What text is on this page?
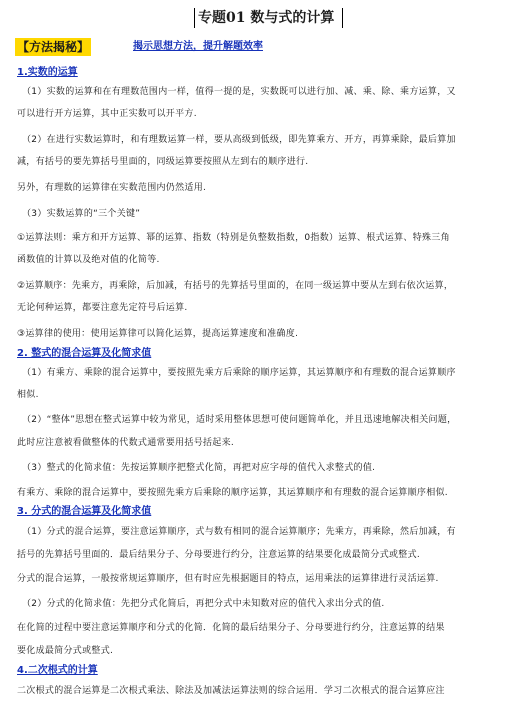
专题01 数与式的计算
【方法揭秘】	揭示思想方法，提升解题效率
1.实数的运算
（1）实数的运算和在有理数范围内一样，值得一提的是，实数既可以进行加、减、乘、除、乘方运算，又
可以进行开方运算，其中正实数可以开平方.
（2）在进行实数运算时，和有理数运算一样，要从高级到低级，即先算乘方、开方，再算乘除，最后算加
减，有括号的要先算括号里面的，同级运算要按照从左到右的顺序进行.
另外，有理数的运算律在实数范围内仍然适用.
（3）实数运算的“三个关键”
①运算法则：乘方和开方运算、幂的运算、指数（特别是负整数指数，0指数）运算、根式运算、特殊三角
函数值的计算以及绝对值的化简等.
②运算顺序：先乘方，再乘除，后加减，有括号的先算括号里面的，在同一级运算中要从左到右依次运算，
无论何种运算，都要注意先定符号后运算.
③运算律的使用：使用运算律可以简化运算，提高运算速度和准确度.
2. 整式的混合运算及化简求值
（1）有乘方、乘除的混合运算中，要按照先乘方后乘除的顺序运算，其运算顺序和有理数的混合运算顺序
相似.
（2）“整体”思想在整式运算中较为常见，适时采用整体思想可使问题简单化，并且迅速地解决相关问题，
此时应注意被看做整体的代数式通常要用括号括起来.
（3）整式的化简求值：先按运算顺序把整式化简，再把对应字母的值代入求整式的值.
有乘方、乘除的混合运算中，要按照先乘方后乘除的顺序运算，其运算顺序和有理数的混合运算顺序相似.
3. 分式的混合运算及化简求值
（1）分式的混合运算，要注意运算顺序，式与数有相同的混合运算顺序；先乘方，再乘除，然后加减，有
括号的先算括号里面的．最后结果分子、分母要进行约分，注意运算的结果要化成最简分式或整式.
分式的混合运算，一般按常规运算顺序，但有时应先根据题目的特点，运用乘法的运算律进行灵活运算.
（2）分式的化简求值：先把分式化简后，再把分式中未知数对应的值代入求出分式的值.
在化简的过程中要注意运算顺序和分式的化简．化简的最后结果分子、分母要进行约分，注意运算的结果
要化成最简分式或整式.
4.二次根式的计算
二次根式的混合运算是二次根式乘法、除法及加减法运算法则的综合运用．学习二次根式的混合运算应注
